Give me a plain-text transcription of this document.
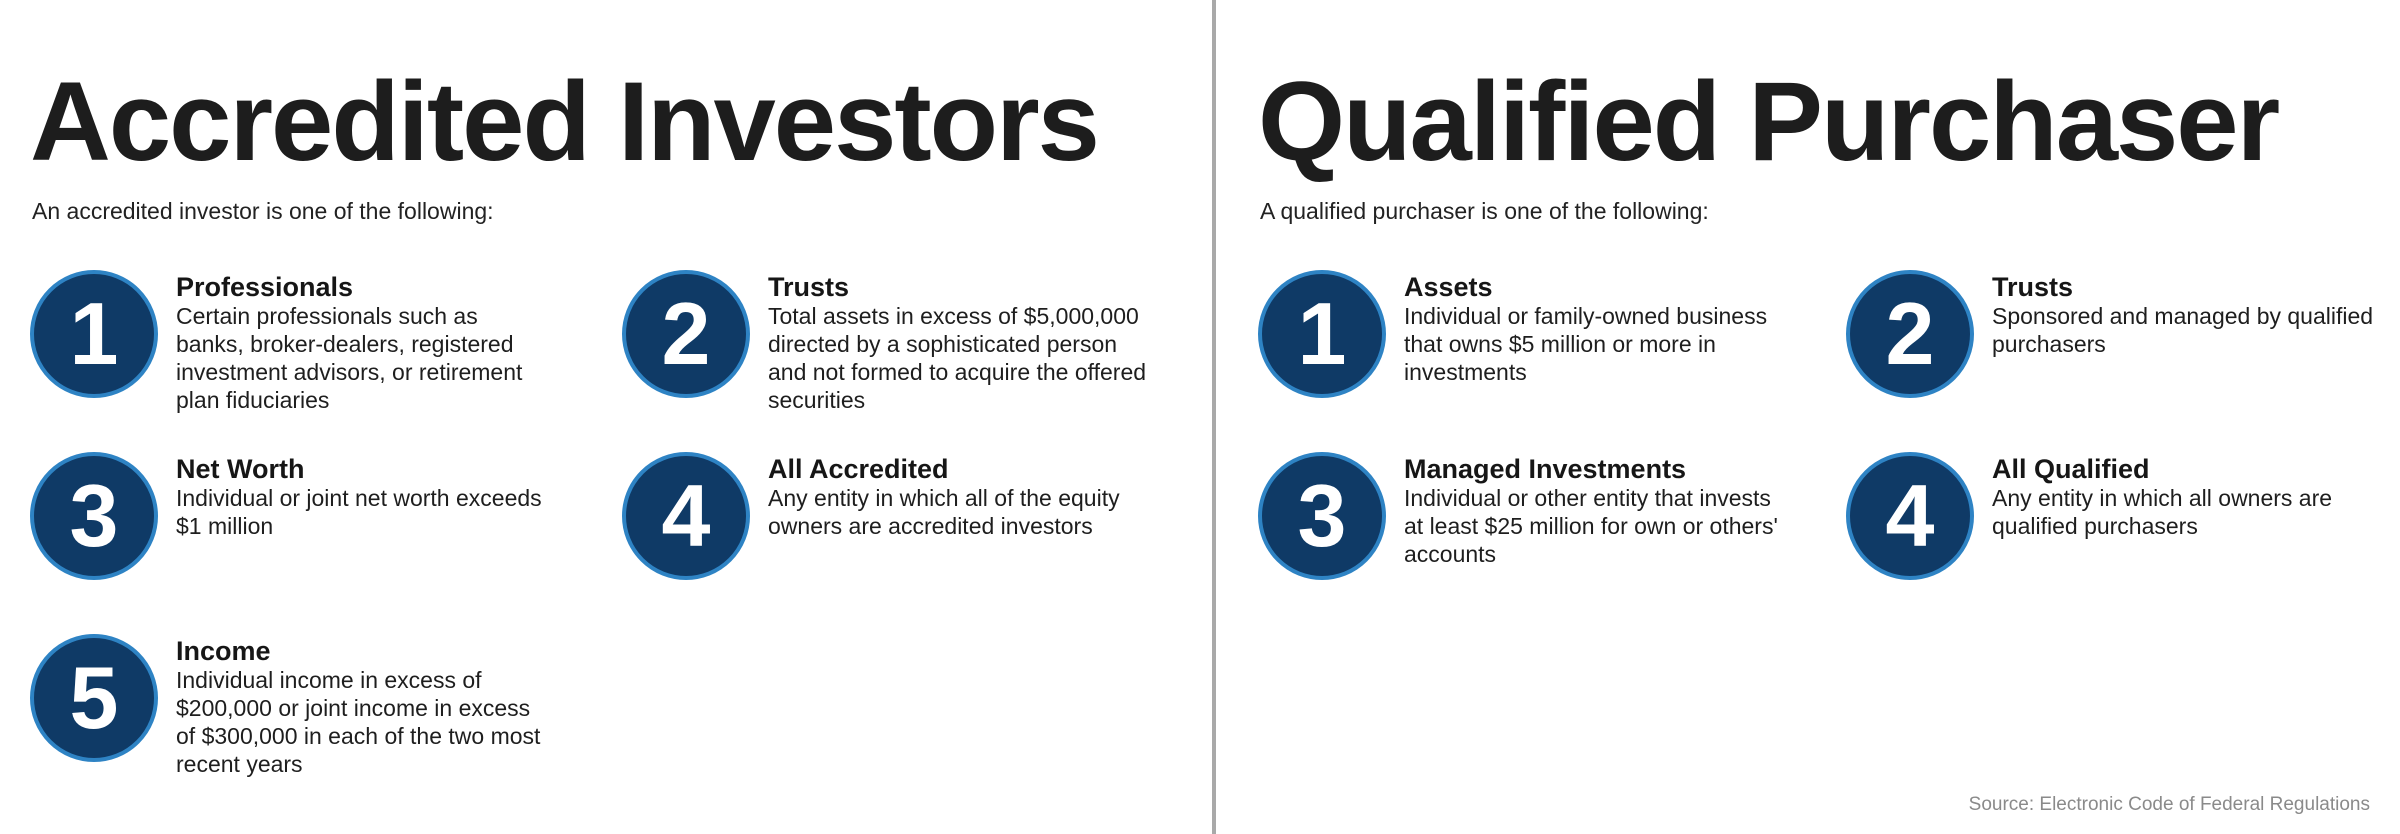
Accredited Investors

An accredited investor is one of the following:

1	Professionals
Certain professionals such as
banks, broker-dealers, registered
investment advisors, or retirement
plan fiduciaries
2	Trusts
Total assets in excess of $5,000,000
directed by a sophisticated person
and not formed to acquire the offered
securities
3	Net Worth
Individual or joint net worth exceeds
$1 million	4	All Accredited
Any entity in which all of the equity
owners are accredited investors
5	Income
Individual income in excess of
$200,000 or joint income in excess
of $300,000 in each of the two most
recent years
Qualified Purchaser

A qualified purchaser is one of the following:

1	Assets
Individual or family-owned business
that owns $5 million or more in
investments	2	Trusts
Sponsored and managed by qualified
purchasers
3	Managed Investments
Individual or other entity that invests
at least $25 million for own or others'
accounts	4	All Qualified
Any entity in which all owners are
qualified purchasers
Source: Electronic Code of Federal Regulations
